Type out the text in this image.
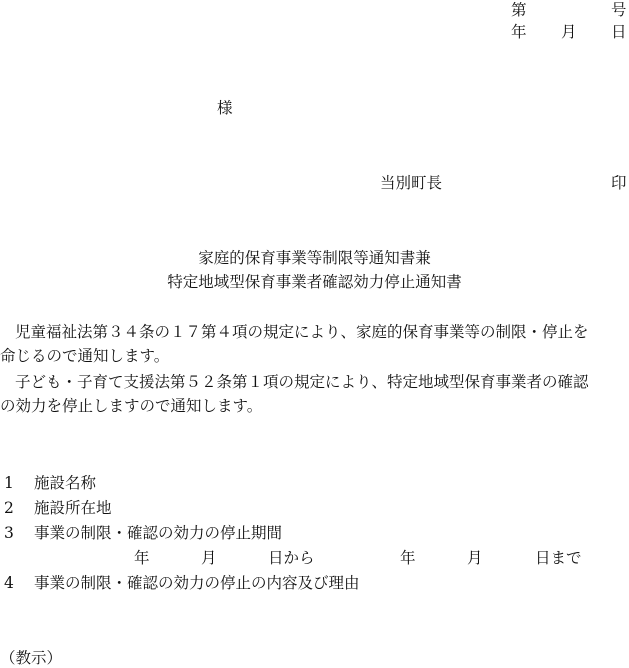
第	号
年 月 日
様
当別町長	印
家庭的保育事業等制限等通知書兼
特定地域型保育事業者確認効力停止通知書
児童福祉法第３４条の１７第４項の規定により、家庭的保育事業等の制限・停止を
命じるので通知します。
子ども・子育て支援法第５２条第１項の規定により、特定地域型保育事業者の確認
の効力を停止しますので通知します。
1 施設名称
2 施設所在地
3 事業の制限・確認の効力の停止期間
年	月	日から	年	月	日まで
4 事業の制限・確認の効力の停止の内容及び理由
（教示）
